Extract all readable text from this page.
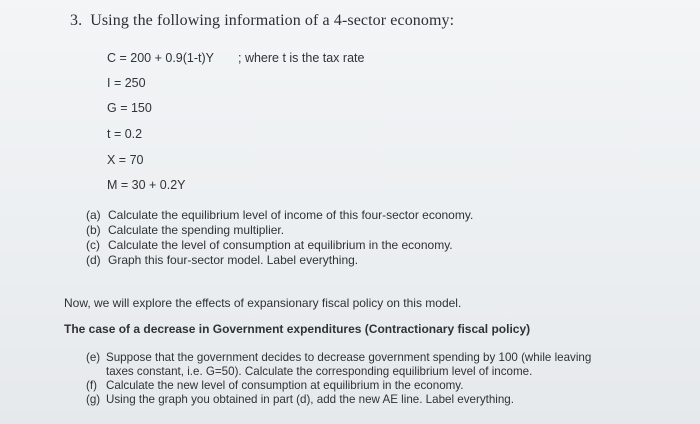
3. Using the following information of a 4-sector economy:
C = 200 + 0.9(1-t)Y ; where t is the tax rate
I = 250
G = 150
t = 0.2
X = 70
M = 30 + 0.2Y
(a) Calculate the equilibrium level of income of this four-sector economy.
(b) Calculate the spending multiplier.
(c) Calculate the level of consumption at equilibrium in the economy.
(d) Graph this four-sector model. Label everything.
Now, we will explore the effects of expansionary fiscal policy on this model.
The case of a decrease in Government expenditures (Contractionary fiscal policy)
(e) Suppose that the government decides to decrease government spending by 100 (while leaving
taxes constant, i.e. G=50). Calculate the corresponding equilibrium level of income.
(f) Calculate the new level of consumption at equilibrium in the economy.
(g) Using the graph you obtained in part (d), add the new AE line. Label everything.
